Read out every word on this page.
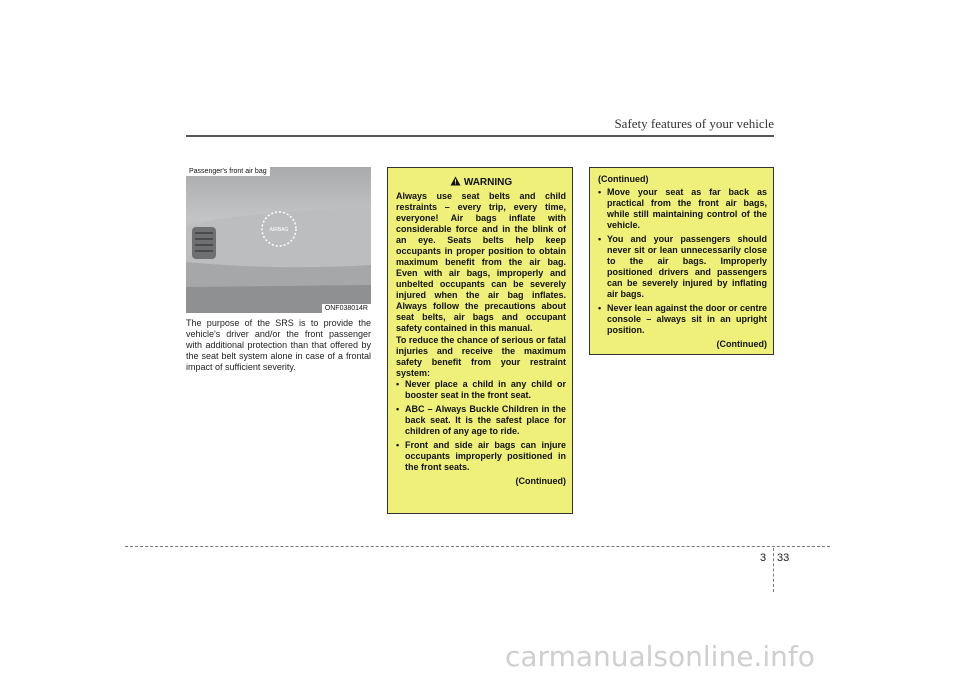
Safety features of your vehicle
AIRBAG
Passenger's front air bag
ONF038014R
The purpose of the SRS is to provide the vehicle's driver and/or the front passenger with additional protection than that offered by the seat belt system alone in case of a frontal impact of sufficient severity.
WARNING

Always use seat belts and child restraints – every trip, every time, everyone! Air bags inflate with considerable force and in the blink of an eye. Seats belts help keep occupants in proper position to obtain maximum benefit from the air bag. Even with air bags, improperly and unbelted occupants can be severely injured when the air bag inflates. Always follow the precautions about seat belts, air bags and occupant safety contained in this manual.

To reduce the chance of serious or fatal injuries and receive the maximum safety benefit from your restraint system:

• Never place a child in any child or booster seat in the front seat.
• ABC – Always Buckle Children in the back seat. It is the safest place for children of any age to ride.
• Front and side air bags can injure occupants improperly positioned in the front seats.
(Continued)
(Continued)
• Move your seat as far back as practical from the front air bags, while still maintaining control of the vehicle.
• You and your passengers should never sit or lean unnecessarily close to the air bags. Improperly positioned drivers and passengers can be severely injured by inflating air bags.
• Never lean against the door or centre console – always sit in an upright position.
(Continued)
3 33
carmanualsonline.info
